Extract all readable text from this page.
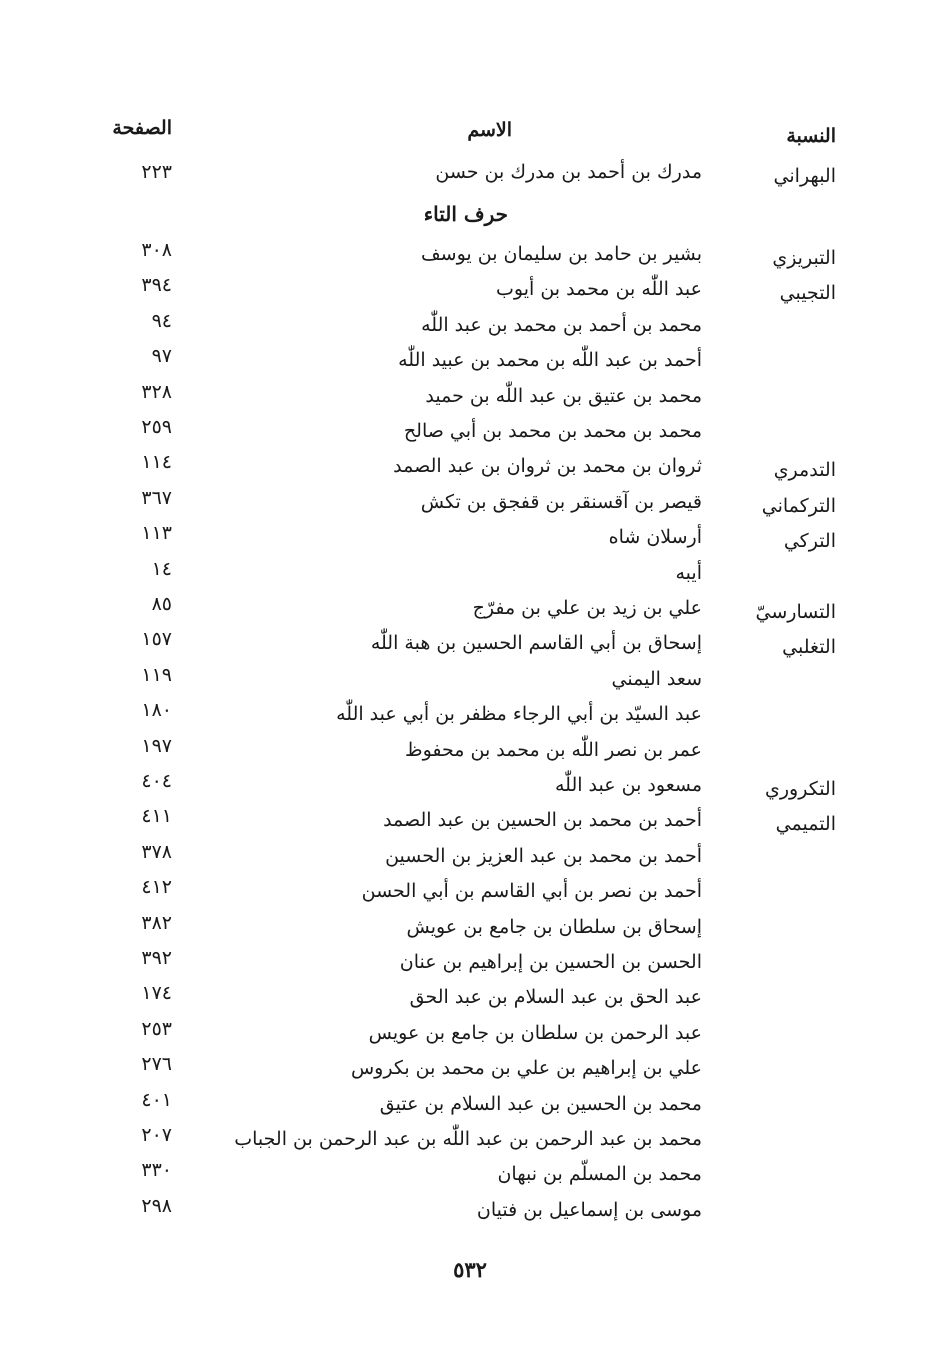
النسبة
الاسم
الصفحة
البهراني
مدرك بن أحمد بن مدرك بن حسن
٢٢٣
حرف التاء
التبريزي
بشير بن حامد بن سليمان بن يوسف
٣٠٨
التجيبي
عبد اللّٰه بن محمد بن أيوب
٣٩٤
محمد بن أحمد بن محمد بن عبد اللّٰه
٩٤
أحمد بن عبد اللّٰه بن محمد بن عبيد اللّٰه
٩٧
محمد بن عتيق بن عبد اللّٰه بن حميد
٣٢٨
محمد بن محمد بن محمد بن أبي صالح
٢٥٩
التدمري
ثروان بن محمد بن ثروان بن عبد الصمد
١١٤
التركماني
قيصر بن آقسنقر بن قفجق بن تكش
٣٦٧
التركي
أرسلان شاه
١١٣
أيبه
١٤
التسارسيّ
علي بن زيد بن علي بن مفرّج
٨٥
التغلبي
إسحاق بن أبي القاسم الحسين بن هبة اللّٰه
١٥٧
سعد اليمني
١١٩
عبد السيّد بن أبي الرجاء مظفر بن أبي عبد اللّٰه
١٨٠
عمر بن نصر اللّٰه بن محمد بن محفوظ
١٩٧
التكروري
مسعود بن عبد اللّٰه
٤٠٤
التميمي
أحمد بن محمد بن الحسين بن عبد الصمد
٤١١
أحمد بن محمد بن عبد العزيز بن الحسين
٣٧٨
أحمد بن نصر بن أبي القاسم بن أبي الحسن
٤١٢
إسحاق بن سلطان بن جامع بن عويش
٣٨٢
الحسن بن الحسين بن إبراهيم بن عنان
٣٩٢
عبد الحق بن عبد السلام بن عبد الحق
١٧٤
عبد الرحمن بن سلطان بن جامع بن عويس
٢٥٣
علي بن إبراهيم بن علي بن محمد بن بكروس
٢٧٦
محمد بن الحسين بن عبد السلام بن عتيق
٤٠١
محمد بن عبد الرحمن بن عبد اللّٰه بن عبد الرحمن بن الجباب
٢٠٧
محمد بن المسلّم بن نبهان
٣٣٠
موسى بن إسماعيل بن فتيان
٢٩٨
٥٣٢
